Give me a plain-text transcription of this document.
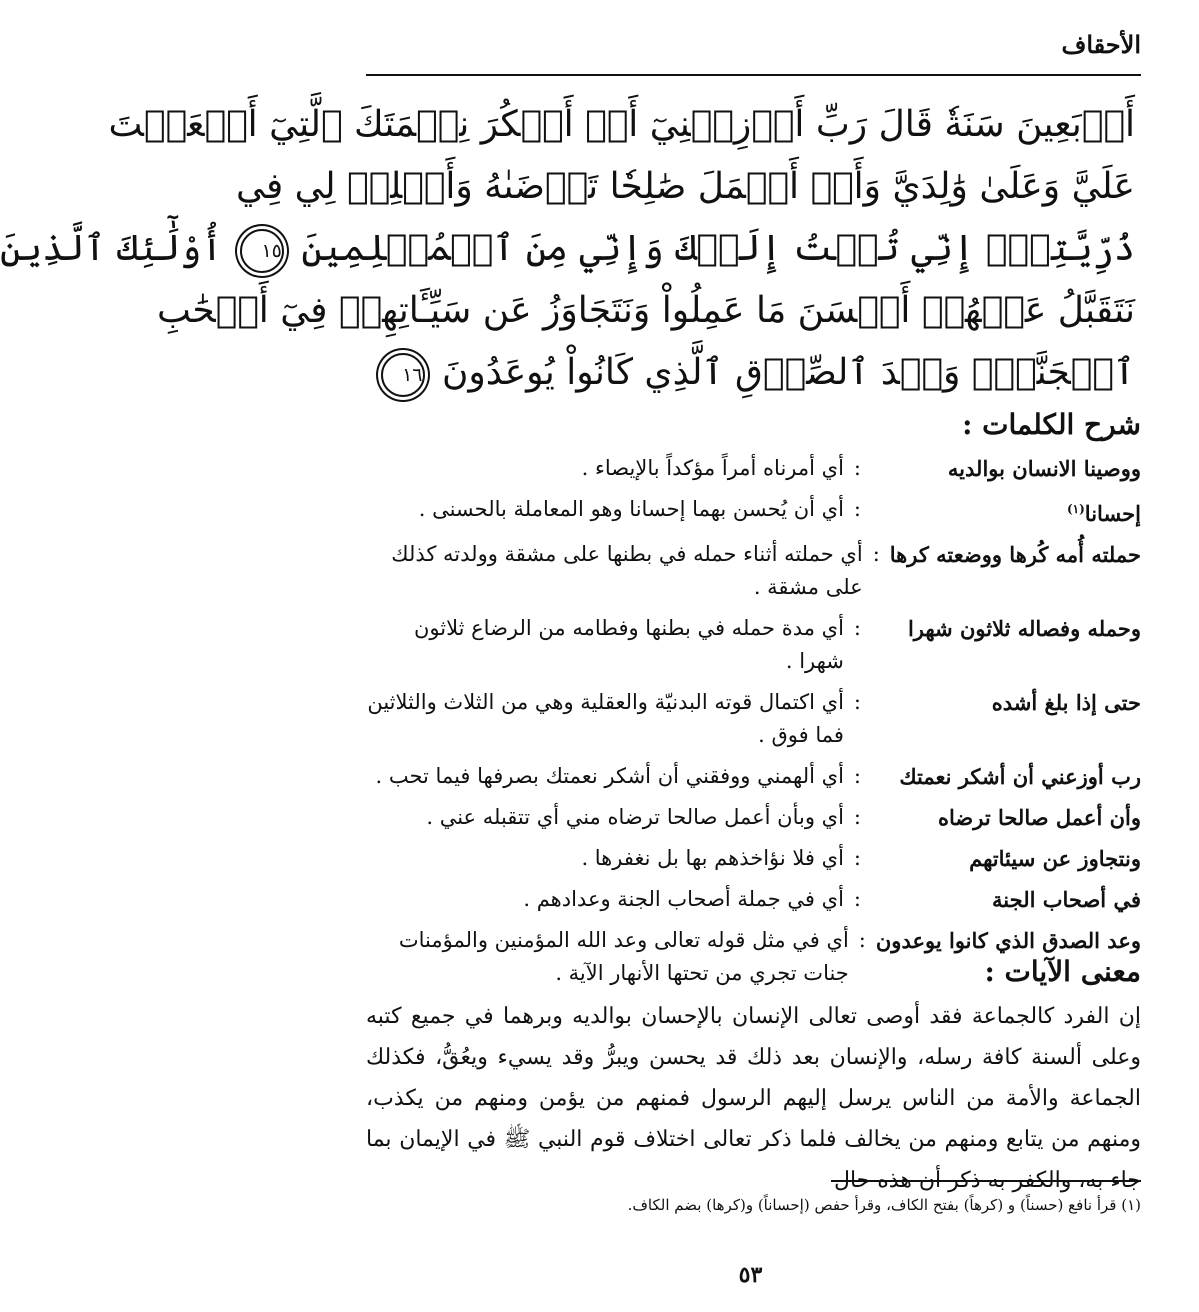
الأحقاف
أَرۡبَعِينَ سَنَةٗ قَالَ رَبِّ أَوۡزِعۡنِيٓ أَنۡ أَشۡكُرَ نِعۡمَتَكَ ٱلَّتِيٓ أَنۡعَمۡتَ
عَلَيَّ وَعَلَىٰ وَٰلِدَيَّ وَأَنۡ أَعۡمَلَ صَٰلِحٗا تَرۡضَىٰهُ وَأَصۡلِحۡ لِي فِي
ذُرِّيَّتِيٓۖ إِنِّي تُبۡتُ إِلَيۡكَ وَإِنِّي مِنَ ٱلۡمُسۡلِمِينَ ١٥ أُوْلَٰٓئِكَ ٱلَّذِينَ
نَتَقَبَّلُ عَنۡهُمۡ أَحۡسَنَ مَا عَمِلُواْ وَنَتَجَاوَزُ عَن سَيِّـَٔاتِهِمۡ فِيٓ أَصۡحَٰبِ
ٱلۡجَنَّةِۖ وَعۡدَ ٱلصِّدۡقِ ٱلَّذِي كَانُواْ يُوعَدُونَ ١٦
شرح الكلمات :
ووصينا الانسان بوالديه
:
أي أمرناه أمراً مؤكداً بالإيصاء .
إحسانا$^{(١)}$
:
أي أن يُحسن بهما إحسانا وهو المعاملة بالحسنى .
حملته أُمه كُرها ووضعته كرها
:
أي حملته أثناء حمله في بطنها على مشقة وولدته كذلك على مشقة .
وحمله وفصاله ثلاثون شهرا
:
أي مدة حمله في بطنها وفطامه من الرضاع ثلاثون شهرا .
حتى إذا بلغ أشده
:
أي اكتمال قوته البدنيّة والعقلية وهي من الثلاث والثلاثين فما فوق .
رب أوزعني أن أشكر نعمتك
:
أي ألهمني ووفقني أن أشكر نعمتك بصرفها فيما تحب .
وأن أعمل صالحا ترضاه
:
أي وبأن أعمل صالحا ترضاه مني أي تتقبله عني .
ونتجاوز عن سيئاتهم
:
أي فلا نؤاخذهم بها بل نغفرها .
في أصحاب الجنة
:
أي في جملة أصحاب الجنة وعدادهم .
وعد الصدق الذي كانوا يوعدون
:
أي في مثل قوله تعالى وعد الله المؤمنين والمؤمنات جنات تجري من تحتها الأنهار الآية .	معنى الآيات :
إن الفرد كالجماعة فقد أوصى تعالى الإنسان بالإحسان بوالديه وبرهما في جميع كتبه وعلى ألسنة كافة رسله، والإنسان بعد ذلك قد يحسن ويبرُّ وقد يسيء ويعُقُّ، فكذلك الجماعة والأمة من الناس يرسل إليهم الرسول فمنهم من يؤمن ومنهم من يكذب، ومنهم من يتابع ومنهم من يخالف فلما ذكر تعالى اختلاف قوم النبي ﷺ في الإيمان بما جاء به، والكفر به ذكر أن هذه حال
(١) قرأ نافع (حسناً) و (كرهاً) بفتح الكاف، وقرأ حفص (إحساناً) و(كرها) بضم الكاف.
٥٣
